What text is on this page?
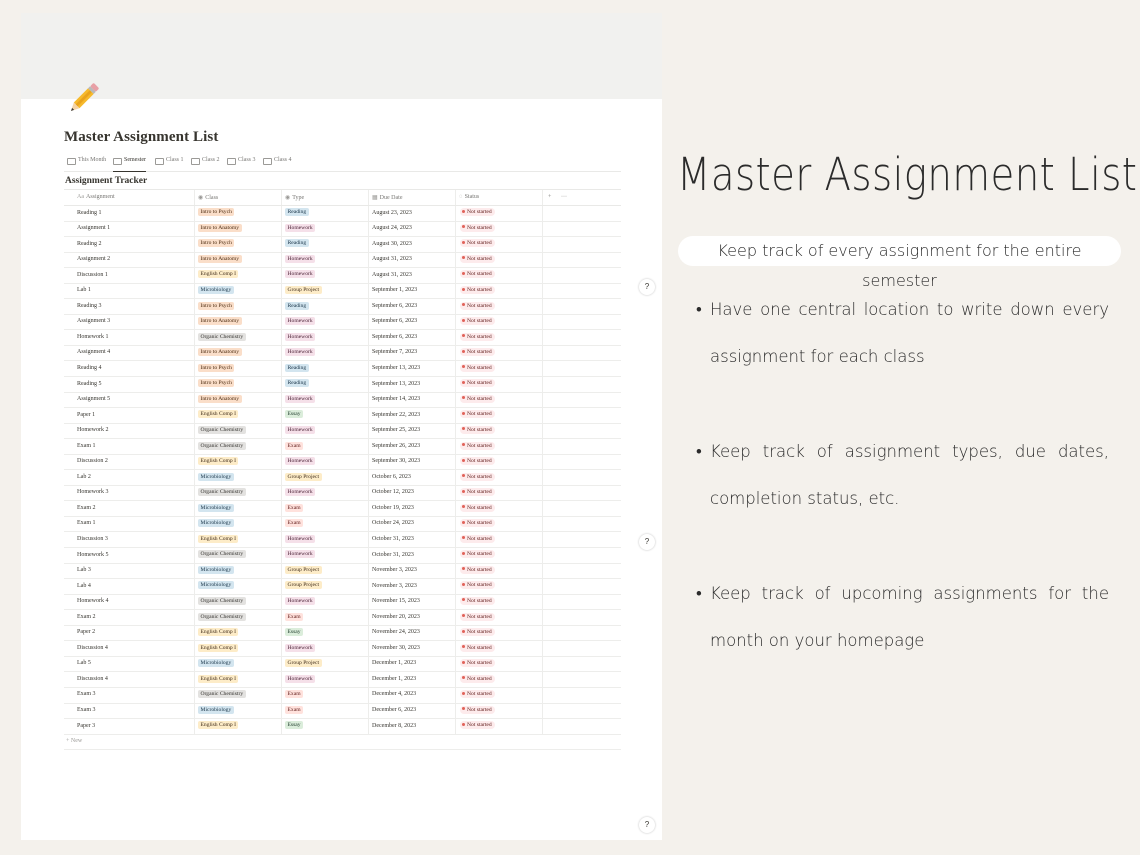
Master Assignment List
This Month	Semester	Class 1	Class 2	Class 3	Class 4
Assignment Tracker
Aa Assignment	◉ Class	◉ Type	▦ Due Date	◌ Status	+ ···
Reading 1	Intro to Psych	Reading	August 23, 2023	Not started
Assignment 1	Intro to Anatomy	Homework	August 24, 2023	Not started
Reading 2	Intro to Psych	Reading	August 30, 2023	Not started
Assignment 2	Intro to Anatomy	Homework	August 31, 2023	Not started
Discussion 1	English Comp I	Homework	August 31, 2023	Not started
Lab 1	Microbiology	Group Project	September 1, 2023	Not started
Reading 3	Intro to Psych	Reading	September 6, 2023	Not started
Assignment 3	Intro to Anatomy	Homework	September 6, 2023	Not started
Homework 1	Organic Chemistry	Homework	September 6, 2023	Not started
Assignment 4	Intro to Anatomy	Homework	September 7, 2023	Not started
Reading 4	Intro to Psych	Reading	September 13, 2023	Not started
Reading 5	Intro to Psych	Reading	September 13, 2023	Not started
Assignment 5	Intro to Anatomy	Homework	September 14, 2023	Not started
Paper 1	English Comp I	Essay	September 22, 2023	Not started
Homework 2	Organic Chemistry	Homework	September 25, 2023	Not started
Exam 1	Organic Chemistry	Exam	September 26, 2023	Not started
Discussion 2	English Comp I	Homework	September 30, 2023	Not started
Lab 2	Microbiology	Group Project	October 6, 2023	Not started
Homework 3	Organic Chemistry	Homework	October 12, 2023	Not started
Exam 2	Microbiology	Exam	October 19, 2023	Not started
Exam 1	Microbiology	Exam	October 24, 2023	Not started
Discussion 3	English Comp I	Homework	October 31, 2023	Not started
Homework 5	Organic Chemistry	Homework	October 31, 2023	Not started
Lab 3	Microbiology	Group Project	November 3, 2023	Not started
Lab 4	Microbiology	Group Project	November 3, 2023	Not started
Homework 4	Organic Chemistry	Homework	November 15, 2023	Not started
Exam 2	Organic Chemistry	Exam	November 20, 2023	Not started
Paper 2	English Comp I	Essay	November 24, 2023	Not started
Discussion 4	English Comp I	Homework	November 30, 2023	Not started
Lab 5	Microbiology	Group Project	December 1, 2023	Not started
Discussion 4	English Comp I	Homework	December 1, 2023	Not started
Exam 3	Organic Chemistry	Exam	December 4, 2023	Not started
Exam 3	Microbiology	Exam	December 6, 2023	Not started
Paper 3	English Comp I	Essay	December 8, 2023	Not started
+ New
?
?
?
Master Assignment List
Keep track of every assignment for the entire semester
• Have one central location to write down every assignment for each class
• Keep track of assignment types, due dates, completion status, etc.
• Keep track of upcoming assignments for the month on your homepage
